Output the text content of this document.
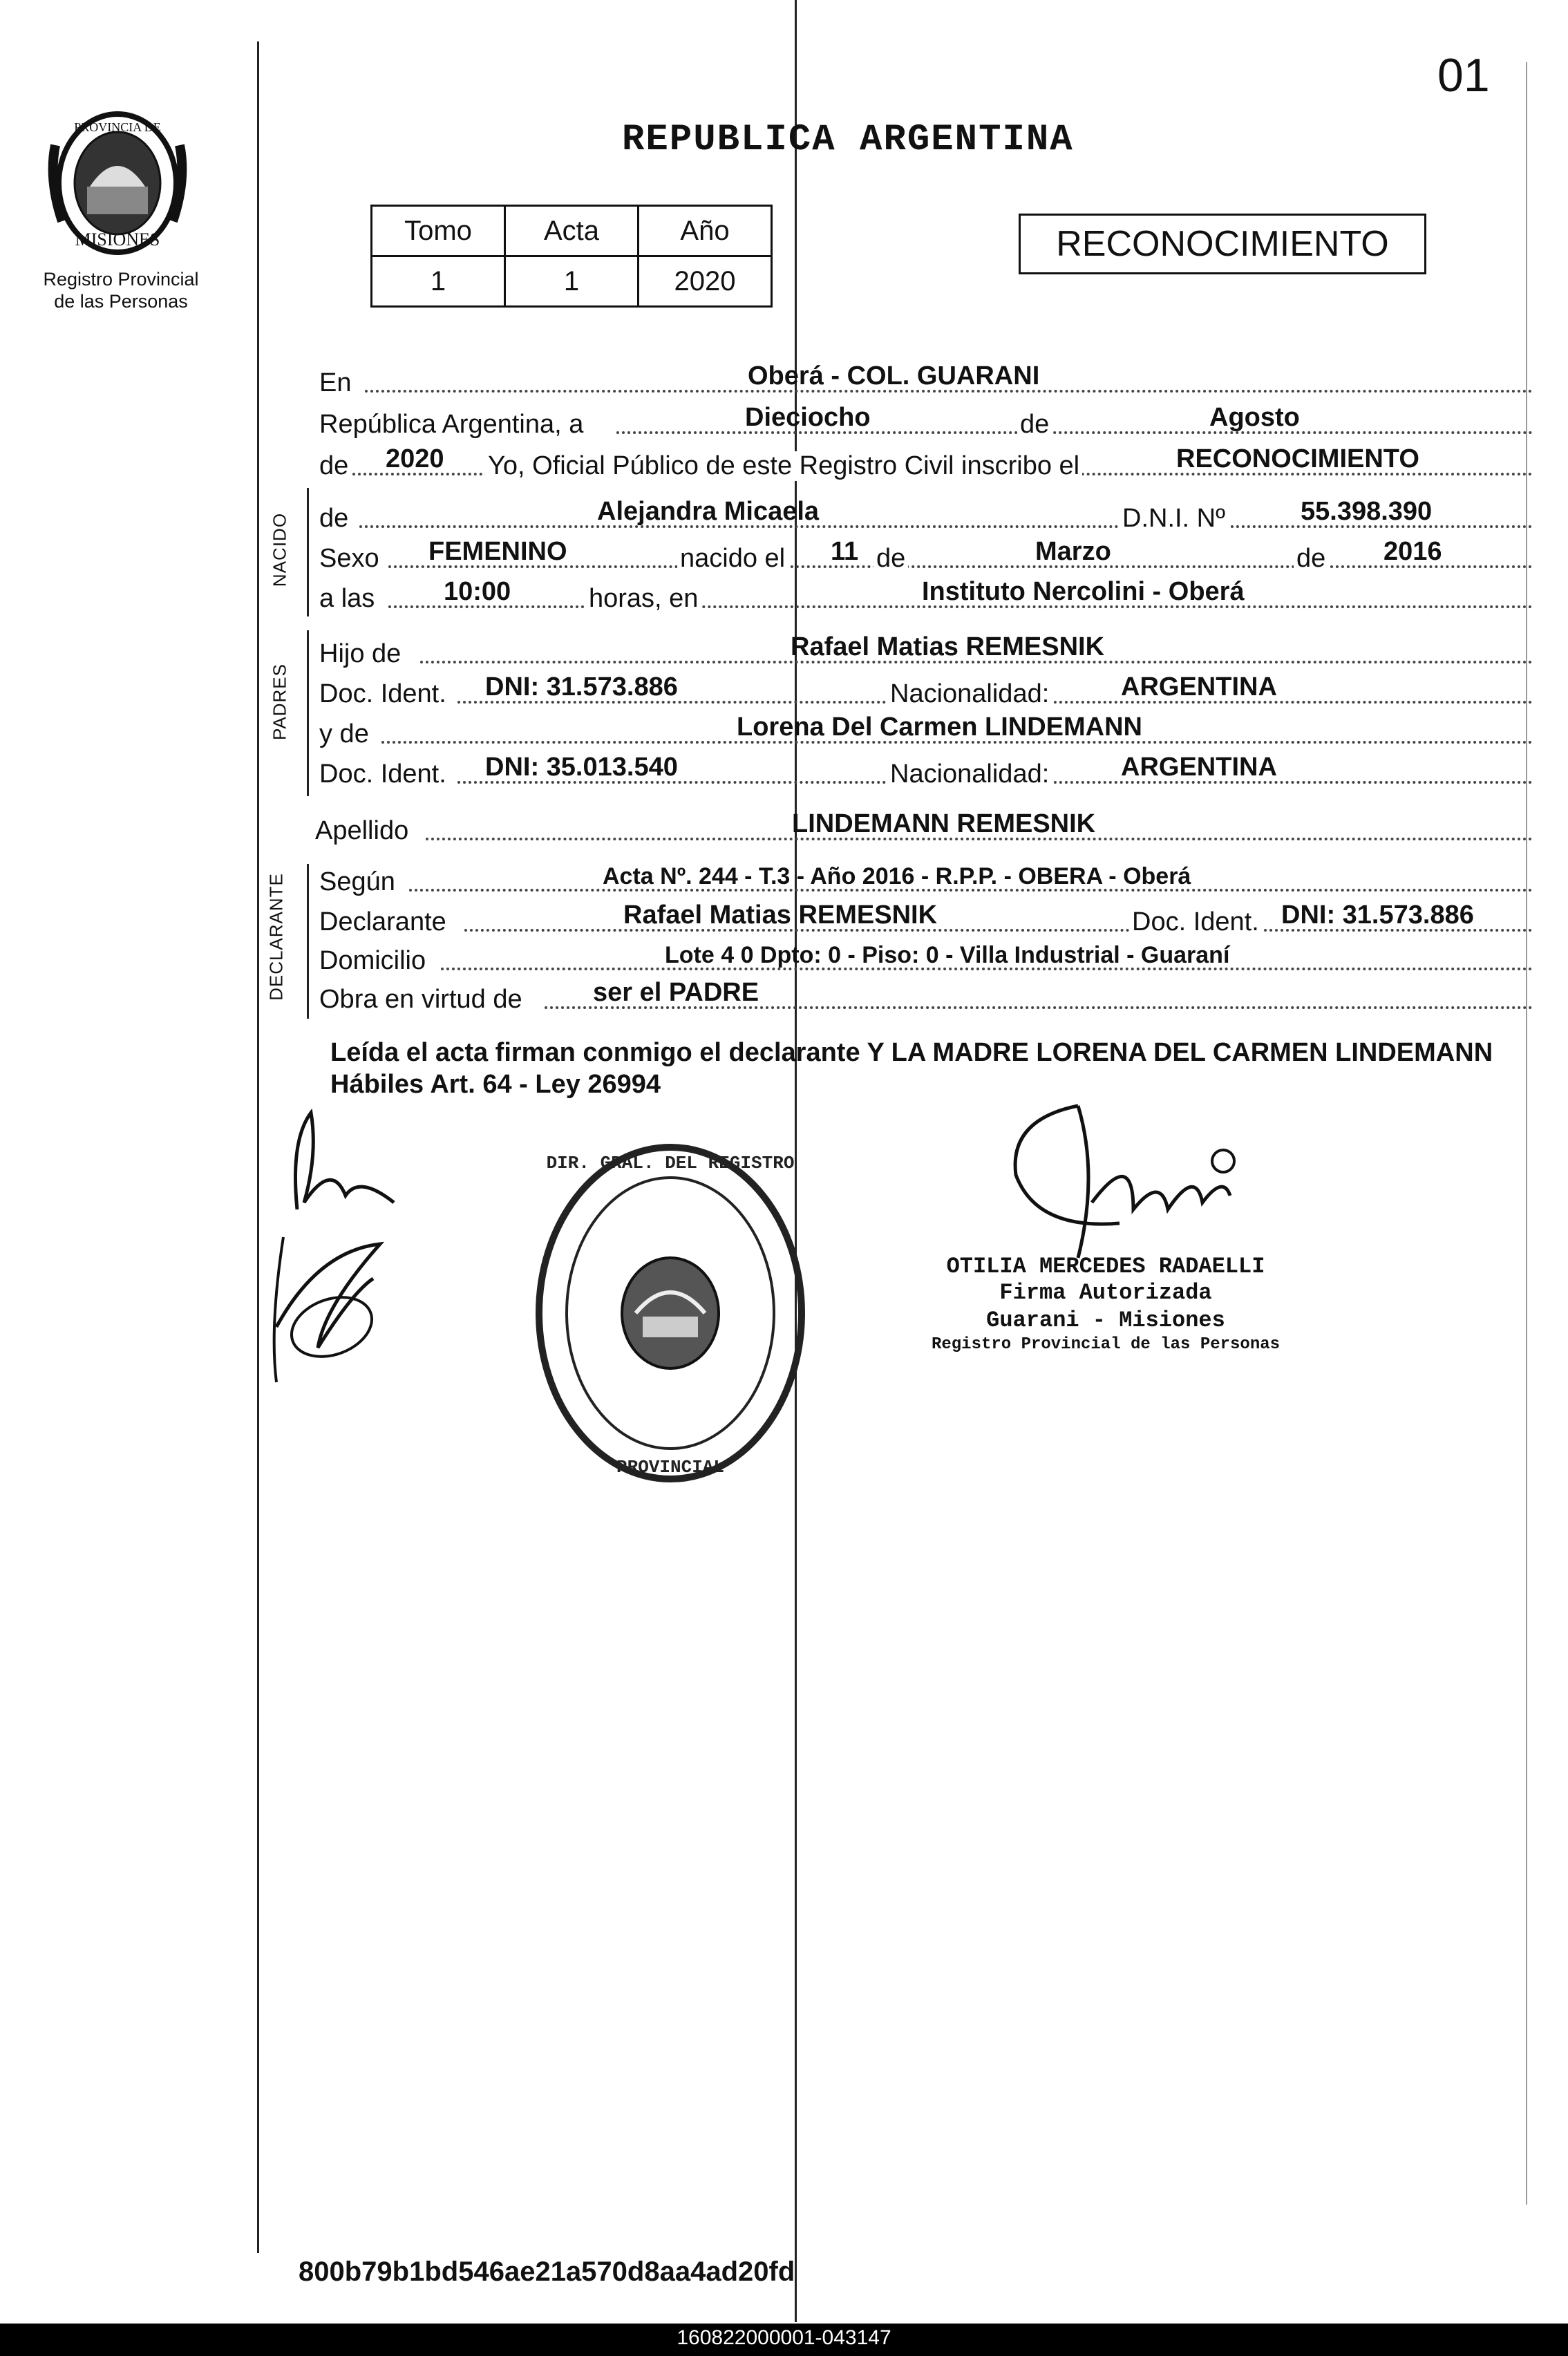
01
REPUBLICA ARGENTINA
PROVINCIA DE
MISIONES
Registro Provincial
de las Personas
Tomo	Acta	Año
1	1	2020
RECONOCIMIENTO
En	Oberá - COL. GUARANI
República Argentina, a	Dieciocho	de	Agosto
de 2020 Yo, Oficial Público de este Registro Civil inscribo el	RECONOCIMIENTO
NACIDO de	Alejandra Micaela	D.N.I. Nº	55.398.390
Sexo FEMENINO	nacido el 11 de	Marzo	de 2016
a las	10:00	horas, en	Instituto Nercolini - Oberá
PADRES
Hijo de	Rafael Matias REMESNIK
Doc. Ident. DNI: 31.573.886	Nacionalidad:	ARGENTINA
y de	Lorena Del Carmen LINDEMANN
Doc. Ident. DNI: 35.013.540	Nacionalidad:	ARGENTINA
Apellido	LINDEMANN REMESNIK
DECLARANTE Según	Acta Nº. 244 - T.3 - Año 2016 - R.P.P. - OBERA - Oberá
Declarante	Rafael Matias REMESNIK	Doc. Ident. DNI: 31.573.886
Domicilio	Lote 4 0 Dpto: 0 - Piso: 0 - Villa Industrial - Guaraní
Obra en virtud de	ser el PADRE
Leída el acta firman conmigo el declarante Y LA MADRE LORENA DEL CARMEN LINDEMANN Hábiles Art. 64 - Ley 26994
DIR. GRAL. DEL REGISTRO
PROVINCIAL
OTILIA MERCEDES RADAELLI
Firma Autorizada
Guarani - Misiones
Registro Provincial de las Personas
800b79b1bd546ae21a570d8aa4ad20fd
160822000001-043147
